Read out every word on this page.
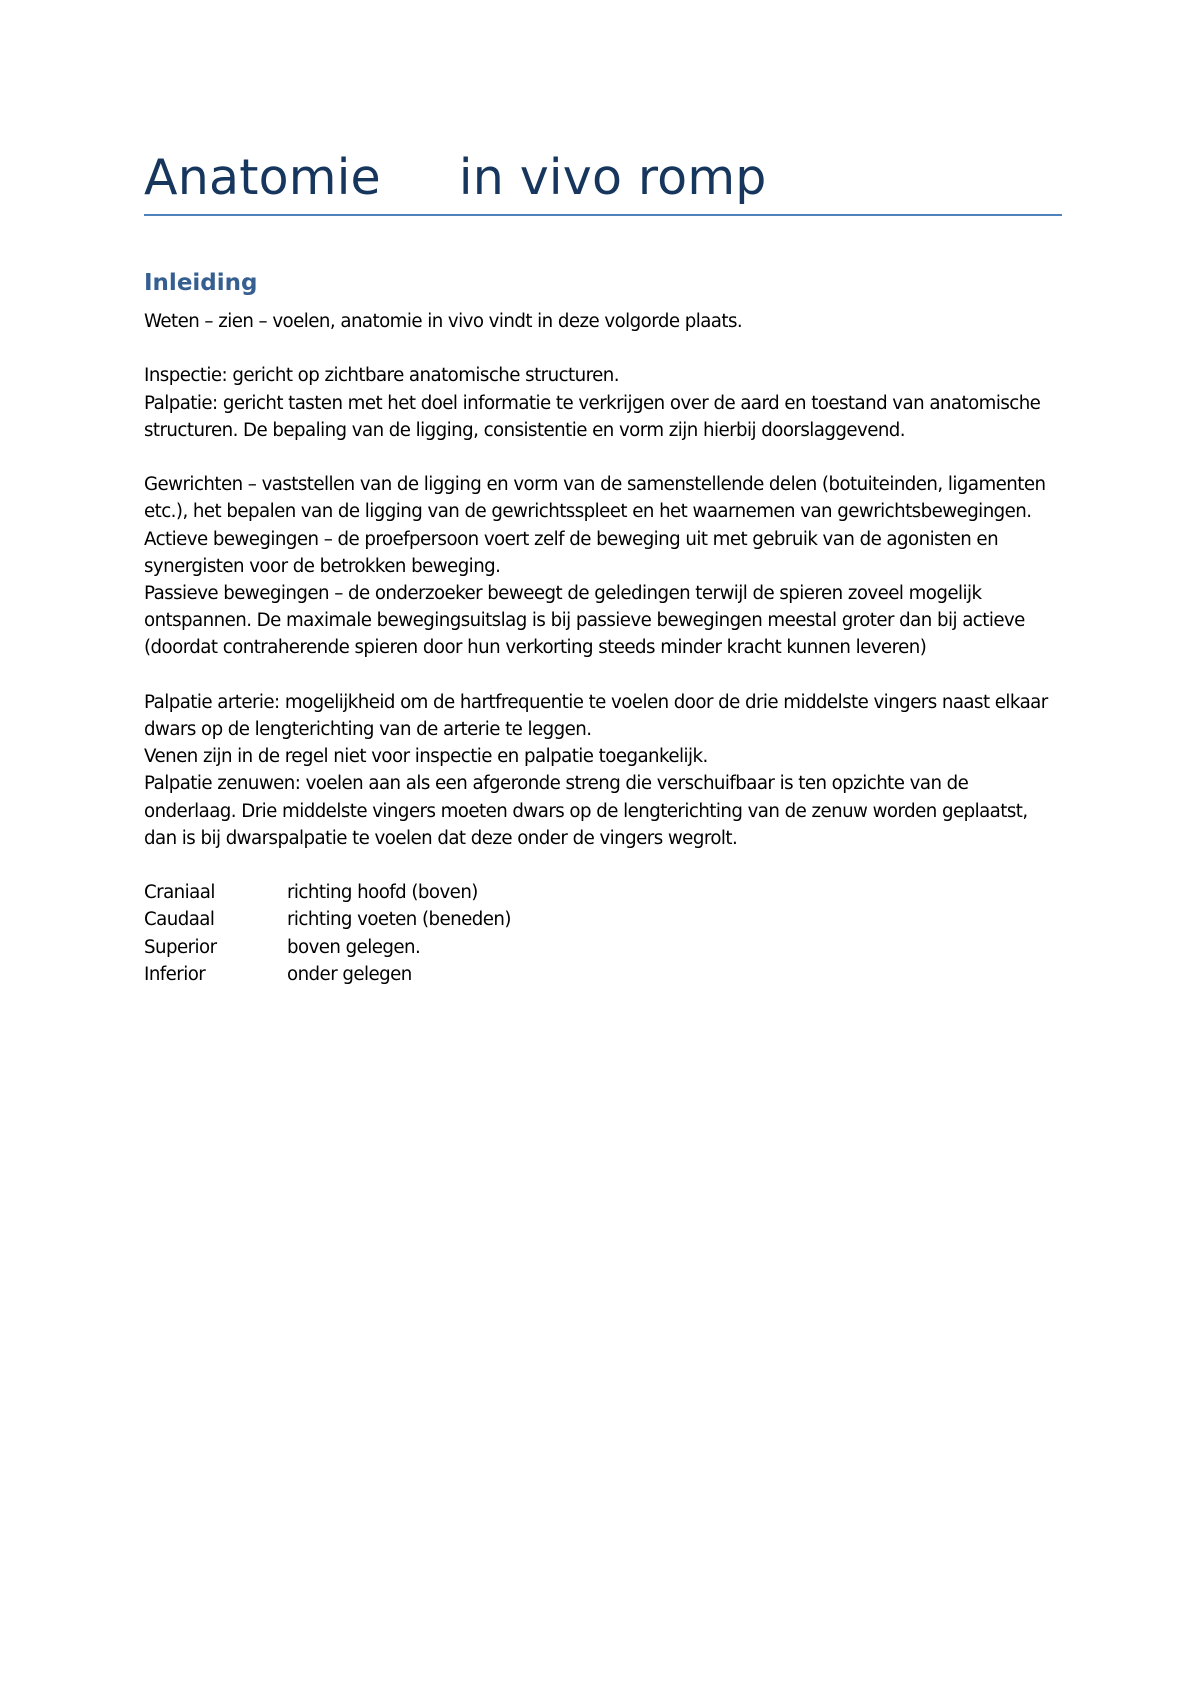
Anatomie in vivo romp
Inleiding

Weten – zien – voelen, anatomie in vivo vindt in deze volgorde plaats.

Inspectie: gericht op zichtbare anatomische structuren.

Palpatie: gericht tasten met het doel informatie te verkrijgen over de aard en toestand van anatomische structuren. De bepaling van de ligging, consistentie en vorm zijn hierbij doorslaggevend.

Gewrichten – vaststellen van de ligging en vorm van de samenstellende delen (botuiteinden, ligamenten etc.), het bepalen van de ligging van de gewrichtsspleet en het waarnemen van gewrichtsbewegingen.

Actieve bewegingen – de proefpersoon voert zelf de beweging uit met gebruik van de agonisten en synergisten voor de betrokken beweging.

Passieve bewegingen – de onderzoeker beweegt de geledingen terwijl de spieren zoveel mogelijk ontspannen. De maximale bewegingsuitslag is bij passieve bewegingen meestal groter dan bij actieve (doordat contraherende spieren door hun verkorting steeds minder kracht kunnen leveren)

Palpatie arterie: mogelijkheid om de hartfrequentie te voelen door de drie middelste vingers naast elkaar dwars op de lengterichting van de arterie te leggen.

Venen zijn in de regel niet voor inspectie en palpatie toegankelijk.

Palpatie zenuwen: voelen aan als een afgeronde streng die verschuifbaar is ten opzichte van de onderlaag. Drie middelste vingers moeten dwars op de lengterichting van de zenuw worden geplaatst, dan is bij dwarspalpatie te voelen dat deze onder de vingers wegrolt.

Craniaal	richting hoofd (boven)
Caudaal	richting voeten (beneden)
Superior	boven gelegen.
Inferior	onder gelegen
